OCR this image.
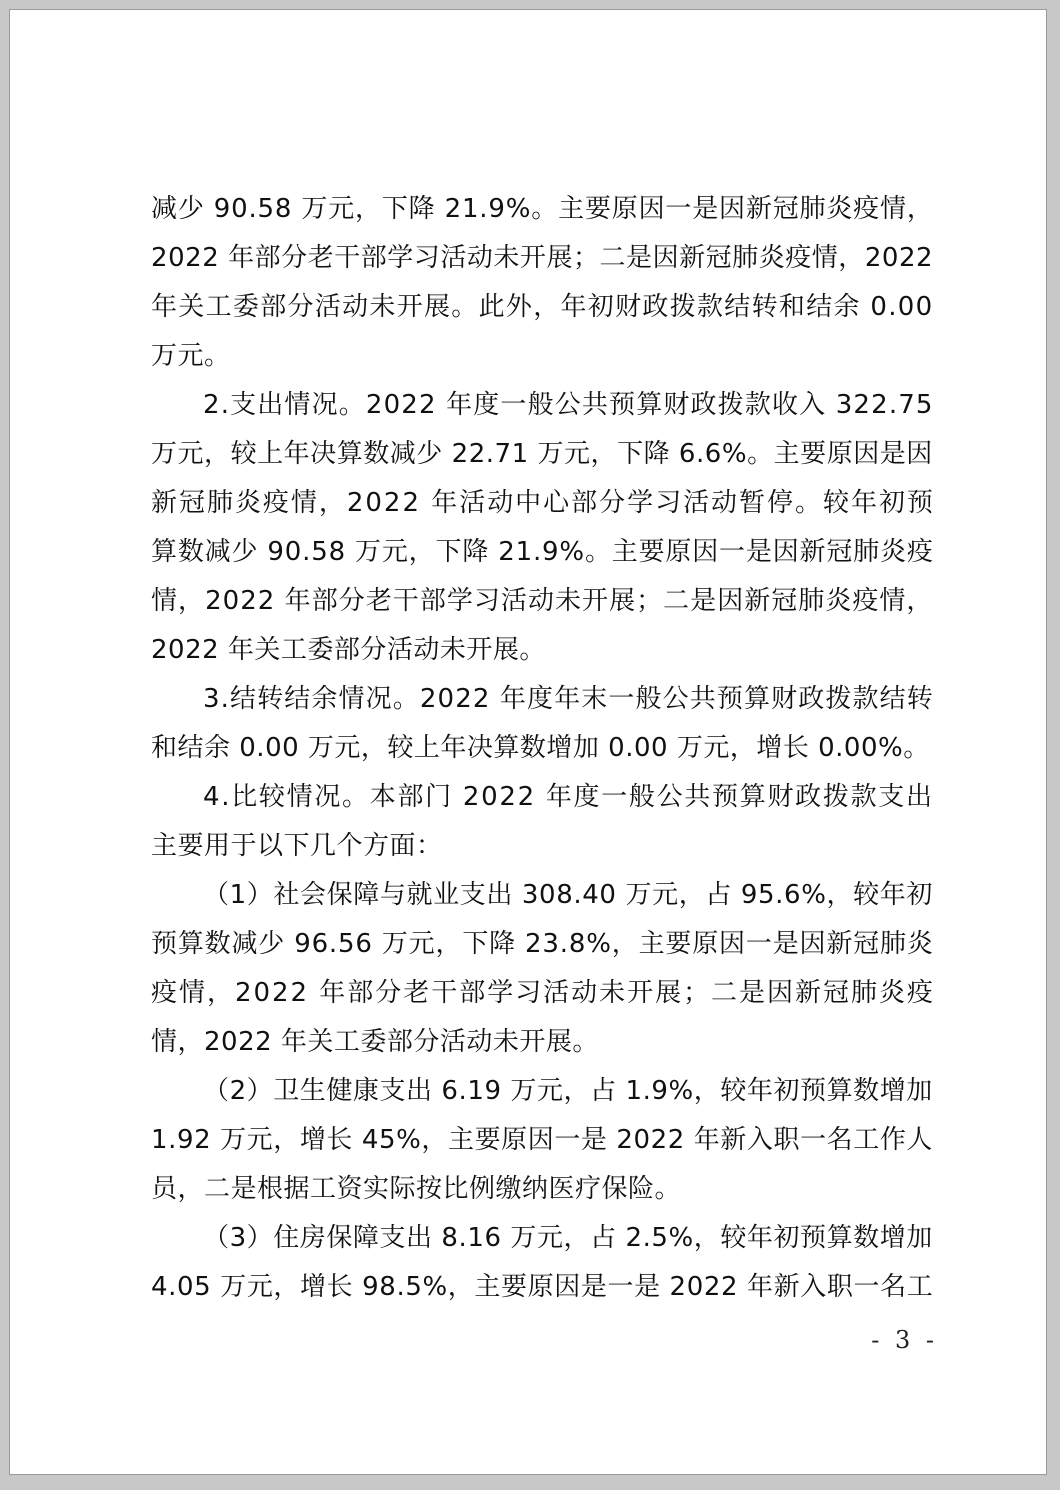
减少 90.58 万元，下降 21.9%。主要原因一是因新冠肺炎疫情，
2022 年部分老干部学习活动未开展；二是因新冠肺炎疫情，2022
年关工委部分活动未开展。此外，年初财政拨款结转和结余 0.00
万元。
2.支出情况。2022 年度一般公共预算财政拨款收入 322.75
万元，较上年决算数减少 22.71 万元，下降 6.6%。主要原因是因
新冠肺炎疫情，2022 年活动中心部分学习活动暂停。较年初预
算数减少 90.58 万元，下降 21.9%。主要原因一是因新冠肺炎疫
情，2022 年部分老干部学习活动未开展；二是因新冠肺炎疫情，
2022 年关工委部分活动未开展。
3.结转结余情况。2022 年度年末一般公共预算财政拨款结转
和结余 0.00 万元，较上年决算数增加 0.00 万元，增长 0.00%。
4.比较情况。本部门 2022 年度一般公共预算财政拨款支出
主要用于以下几个方面：
（1）社会保障与就业支出 308.40 万元，占 95.6%，较年初
预算数减少 96.56 万元，下降 23.8%，主要原因一是因新冠肺炎
疫情，2022 年部分老干部学习活动未开展；二是因新冠肺炎疫
情，2022 年关工委部分活动未开展。
（2）卫生健康支出 6.19 万元，占 1.9%，较年初预算数增加
1.92 万元，增长 45%，主要原因一是 2022 年新入职一名工作人
员，二是根据工资实际按比例缴纳医疗保险。
（3）住房保障支出 8.16 万元，占 2.5%，较年初预算数增加
4.05 万元，增长 98.5%，主要原因是一是 2022 年新入职一名工
- 3 -
